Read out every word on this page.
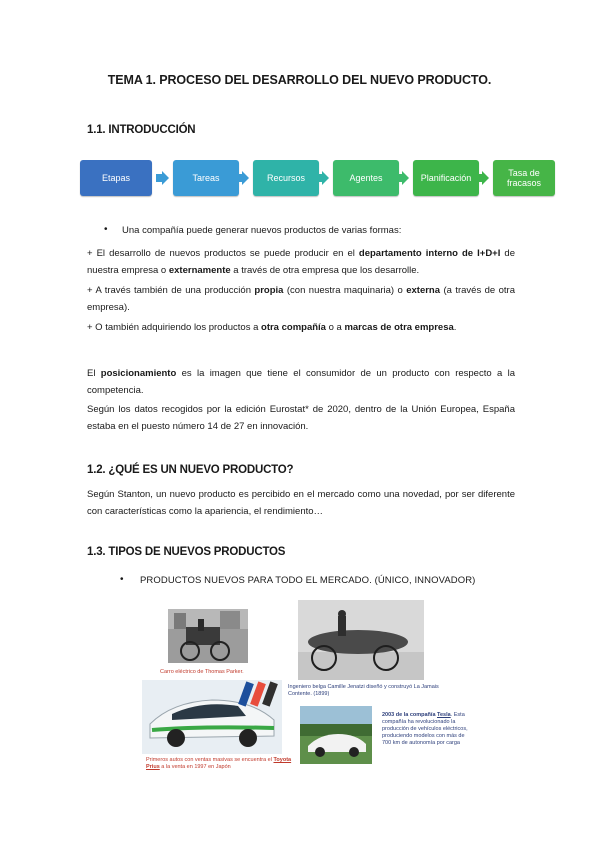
TEMA 1. PROCESO DEL DESARROLLO DEL NUEVO PRODUCTO.
1.1. INTRODUCCIÓN
Etapas	Tareas	Recursos	Agentes	Planificación	Tasa de fracasos
• Una compañía puede generar nuevos productos de varias formas:
+ El desarrollo de nuevos productos se puede producir en el departamento interno de I+D+I de nuestra empresa o externamente a través de otra empresa que los desarrolle.
+ A través también de una producción propia (con nuestra maquinaria) o externa (a través de otra empresa).
+ O también adquiriendo los productos a otra compañía o a marcas de otra empresa.
El posicionamiento es la imagen que tiene el consumidor de un producto con respecto a la competencia.
Según los datos recogidos por la edición Eurostat* de 2020, dentro de la Unión Europea, España estaba en el puesto número 14 de 27 en innovación.
1.2. ¿QUÉ ES UN NUEVO PRODUCTO?
Según Stanton, un nuevo producto es percibido en el mercado como una novedad, por ser diferente con características como la apariencia, el rendimiento…
1.3. TIPOS DE NUEVOS PRODUCTOS
• PRODUCTOS NUEVOS PARA TODO EL MERCADO. (ÚNICO, INNOVADOR)
Carro eléctrico de Thomas Parker.
Ingeniero belga Camille Jenatzi diseñó y construyó La Jamais Contente. (1899)
Primeros autos con ventas masivas se encuentra el Toyota Prius a la venta en 1997 en Japón
2003 de la compañía Tesla. Esta compañía ha revolucionado la producción de vehículos eléctricos, produciendo modelos con más de 700 km de autonomía por carga
